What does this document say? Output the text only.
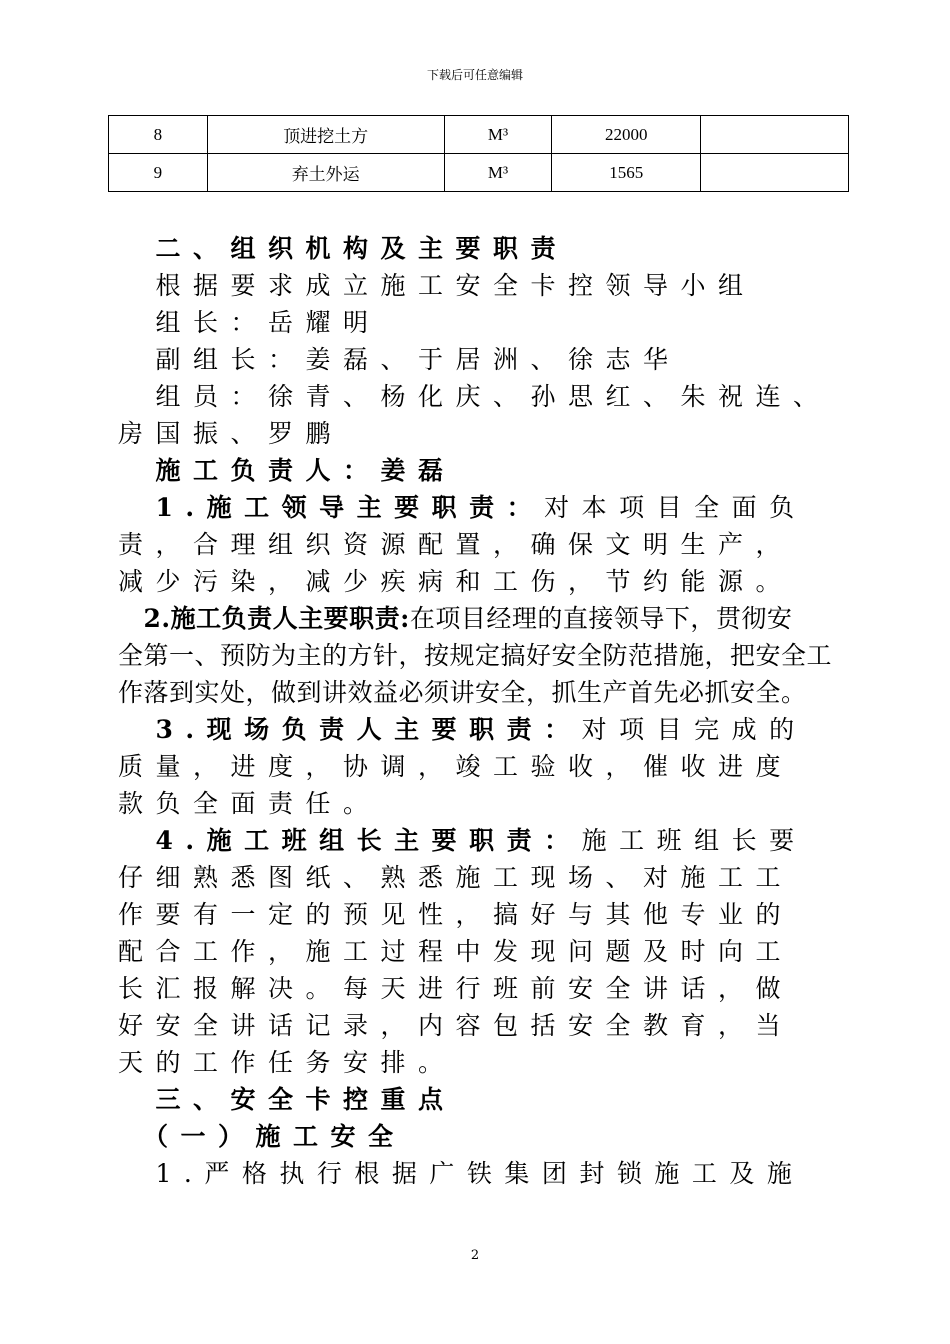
下载后可任意编辑
8	顶进挖土方	M³	22000	
9	弃土外运	M³	1565	
　二、组织机构及主要职责
　根据要求成立施工安全卡控领导小组
　组长：岳耀明
　副组长：姜磊、于居洲、徐志华
　组员：徐青、杨化庆、孙思红、朱祝连、
房国振、罗鹏
　施工负责人：姜磊
　1.施工领导主要职责：对本项目全面负
责，合理组织资源配置，确保文明生产，
减少污染，减少疾病和工伤，节约能源。
　2.施工负责人主要职责:在项目经理的直接领导下，贯彻安
全第一、预防为主的方针，按规定搞好安全防范措施，把安全工
作落到实处，做到讲效益必须讲安全，抓生产首先必抓安全。
　3.现场负责人主要职责：对项目完成的
质量，进度，协调，竣工验收，催收进度
款负全面责任。
　4.施工班组长主要职责：施工班组长要
仔细熟悉图纸、熟悉施工现场、对施工工
作要有一定的预见性，搞好与其他专业的
配合工作，施工过程中发现问题及时向工
长汇报解决。每天进行班前安全讲话，做
好安全讲话记录，内容包括安全教育，当
天的工作任务安排。
　三、安全卡控重点
　（一）施工安全
　1.严格执行根据广铁集团封锁施工及施
2
